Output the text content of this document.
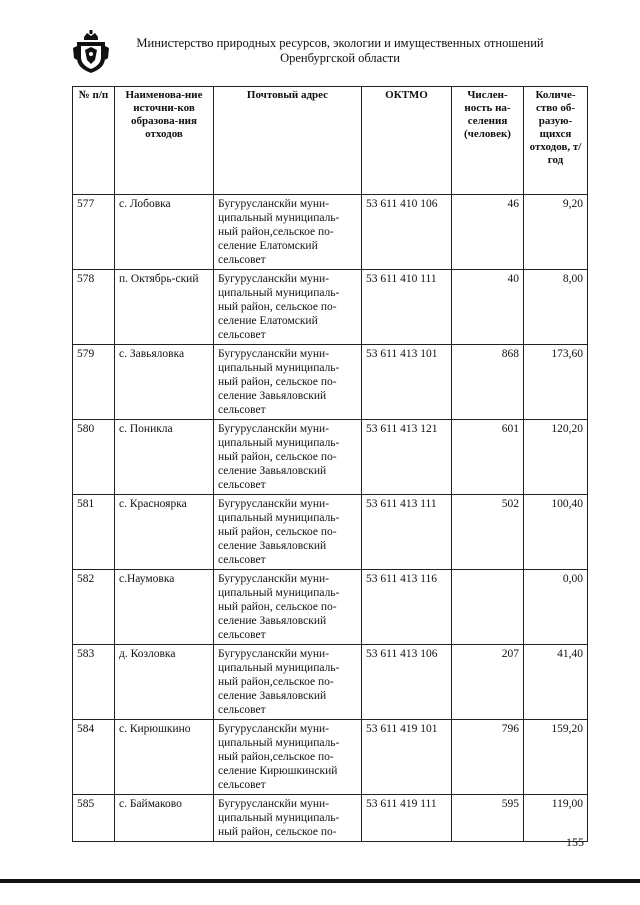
Министерство природных ресурсов, экологии и имущественных отношений
Оренбургской области
№ п/п	Наименова-ние источни-ков образова-ния отходов	Почтовый адрес	ОКТМО	Числен-ность на-селения (человек)	Количе-ство об-разую-щихся отходов, т/год
577	с. Лобовка	Бугурусланскйи муни-ципальный муниципаль-ный район,сельское по-селение Елатомский сельсовет	53 611 410 106	46	9,20
578	п. Октябрь-ский	Бугурусланскйи муни-ципальный муниципаль-ный район, сельское по-селение Елатомский сельсовет	53 611 410 111	40	8,00
579	с. Завьяловка	Бугурусланскйи муни-ципальный муниципаль-ный район, сельское по-селение Завьяловский сельсовет	53 611 413 101	868	173,60
580	с. Поникла	Бугурусланскйи муни-ципальный муниципаль-ный район, сельское по-селение Завьяловский сельсовет	53 611 413 121	601	120,20
581	с. Красноярка	Бугурусланскйи муни-ципальный муниципаль-ный район, сельское по-селение Завьяловский сельсовет	53 611 413 111	502	100,40
582	с.Наумовка	Бугурусланскйи муни-ципальный муниципаль-ный район, сельское по-селение Завьяловский сельсовет	53 611 413 116		0,00
583	д. Козловка	Бугурусланскйи муни-ципальный муниципаль-ный район,сельское по-селение Завьяловский сельсовет	53 611 413 106	207	41,40
584	с. Кирюшкино	Бугурусланскйи муни-ципальный муниципаль-ный район,сельское по-селение Кирюшкинский сельсовет	53 611 419 101	796	159,20
585	с. Баймаково	Бугурусланскйи муни-ципальный муниципаль-ный район, сельское по-	53 611 419 111	595	119,00
155
